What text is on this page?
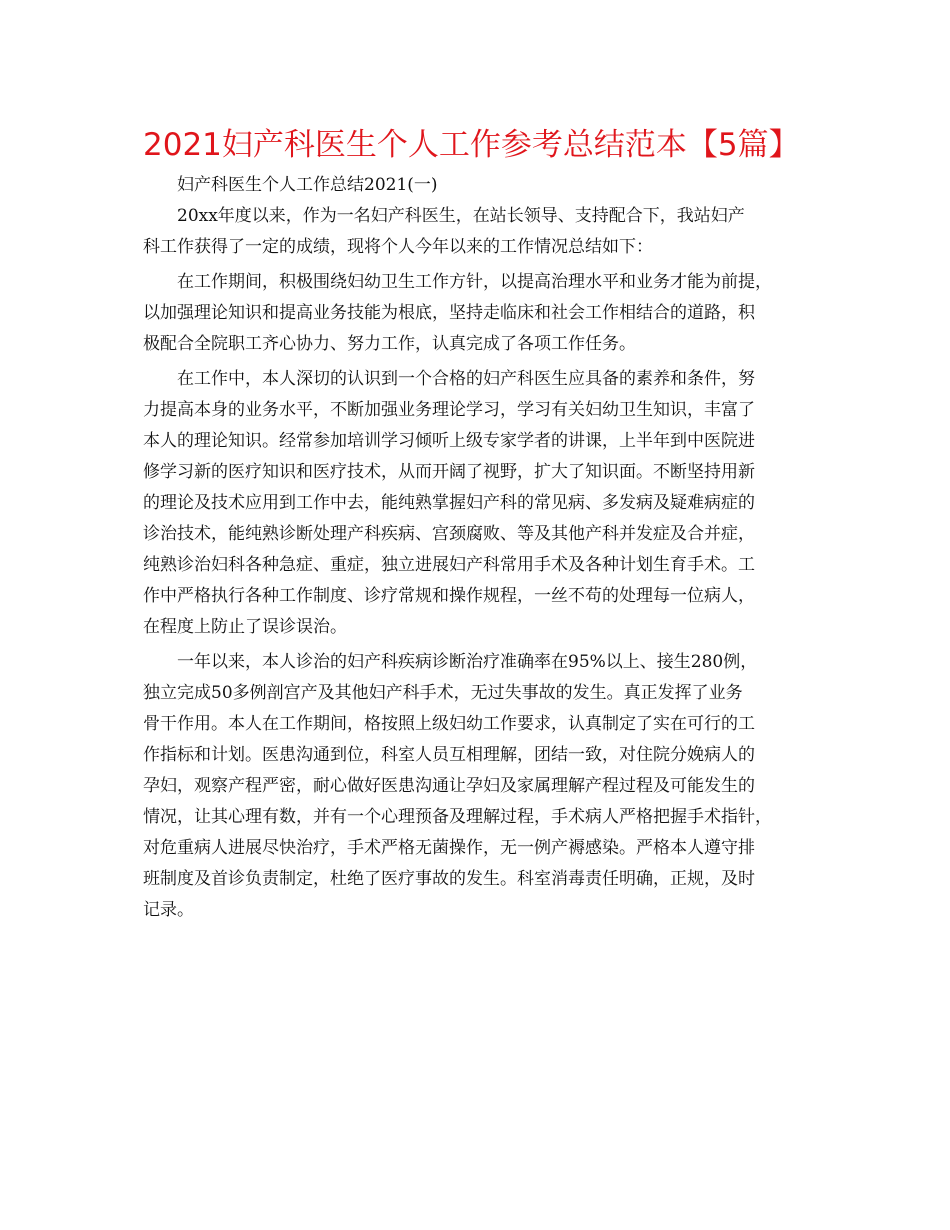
2021妇产科医生个人工作参考总结范本【5篇】
妇产科医生个人工作总结2021(一)
20xx年度以来，作为一名妇产科医生，在站长领导、支持配合下，我站妇产
科工作获得了一定的成绩，现将个人今年以来的工作情况总结如下：
在工作期间，积极围绕妇幼卫生工作方针，以提高治理水平和业务才能为前提，
以加强理论知识和提高业务技能为根底，坚持走临床和社会工作相结合的道路，积
极配合全院职工齐心协力、努力工作，认真完成了各项工作任务。
在工作中，本人深切的认识到一个合格的妇产科医生应具备的素养和条件，努
力提高本身的业务水平，不断加强业务理论学习，学习有关妇幼卫生知识，丰富了
本人的理论知识。经常参加培训学习倾听上级专家学者的讲课，上半年到中医院进
修学习新的医疗知识和医疗技术，从而开阔了视野，扩大了知识面。不断坚持用新
的理论及技术应用到工作中去，能纯熟掌握妇产科的常见病、多发病及疑难病症的
诊治技术，能纯熟诊断处理产科疾病、宫颈腐败、等及其他产科并发症及合并症，
纯熟诊治妇科各种急症、重症，独立进展妇产科常用手术及各种计划生育手术。工
作中严格执行各种工作制度、诊疗常规和操作规程，一丝不苟的处理每一位病人，
在程度上防止了误诊误治。
一年以来，本人诊治的妇产科疾病诊断治疗准确率在95%以上、接生280例，
独立完成50多例剖宫产及其他妇产科手术，无过失事故的发生。真正发挥了业务
骨干作用。本人在工作期间，格按照上级妇幼工作要求，认真制定了实在可行的工
作指标和计划。医患沟通到位，科室人员互相理解，团结一致，对住院分娩病人的
孕妇，观察产程严密，耐心做好医患沟通让孕妇及家属理解产程过程及可能发生的
情况，让其心理有数，并有一个心理预备及理解过程，手术病人严格把握手术指针，
对危重病人进展尽快治疗，手术严格无菌操作，无一例产褥感染。严格本人遵守排
班制度及首诊负责制定，杜绝了医疗事故的发生。科室消毒责任明确，正规，及时
记录。
